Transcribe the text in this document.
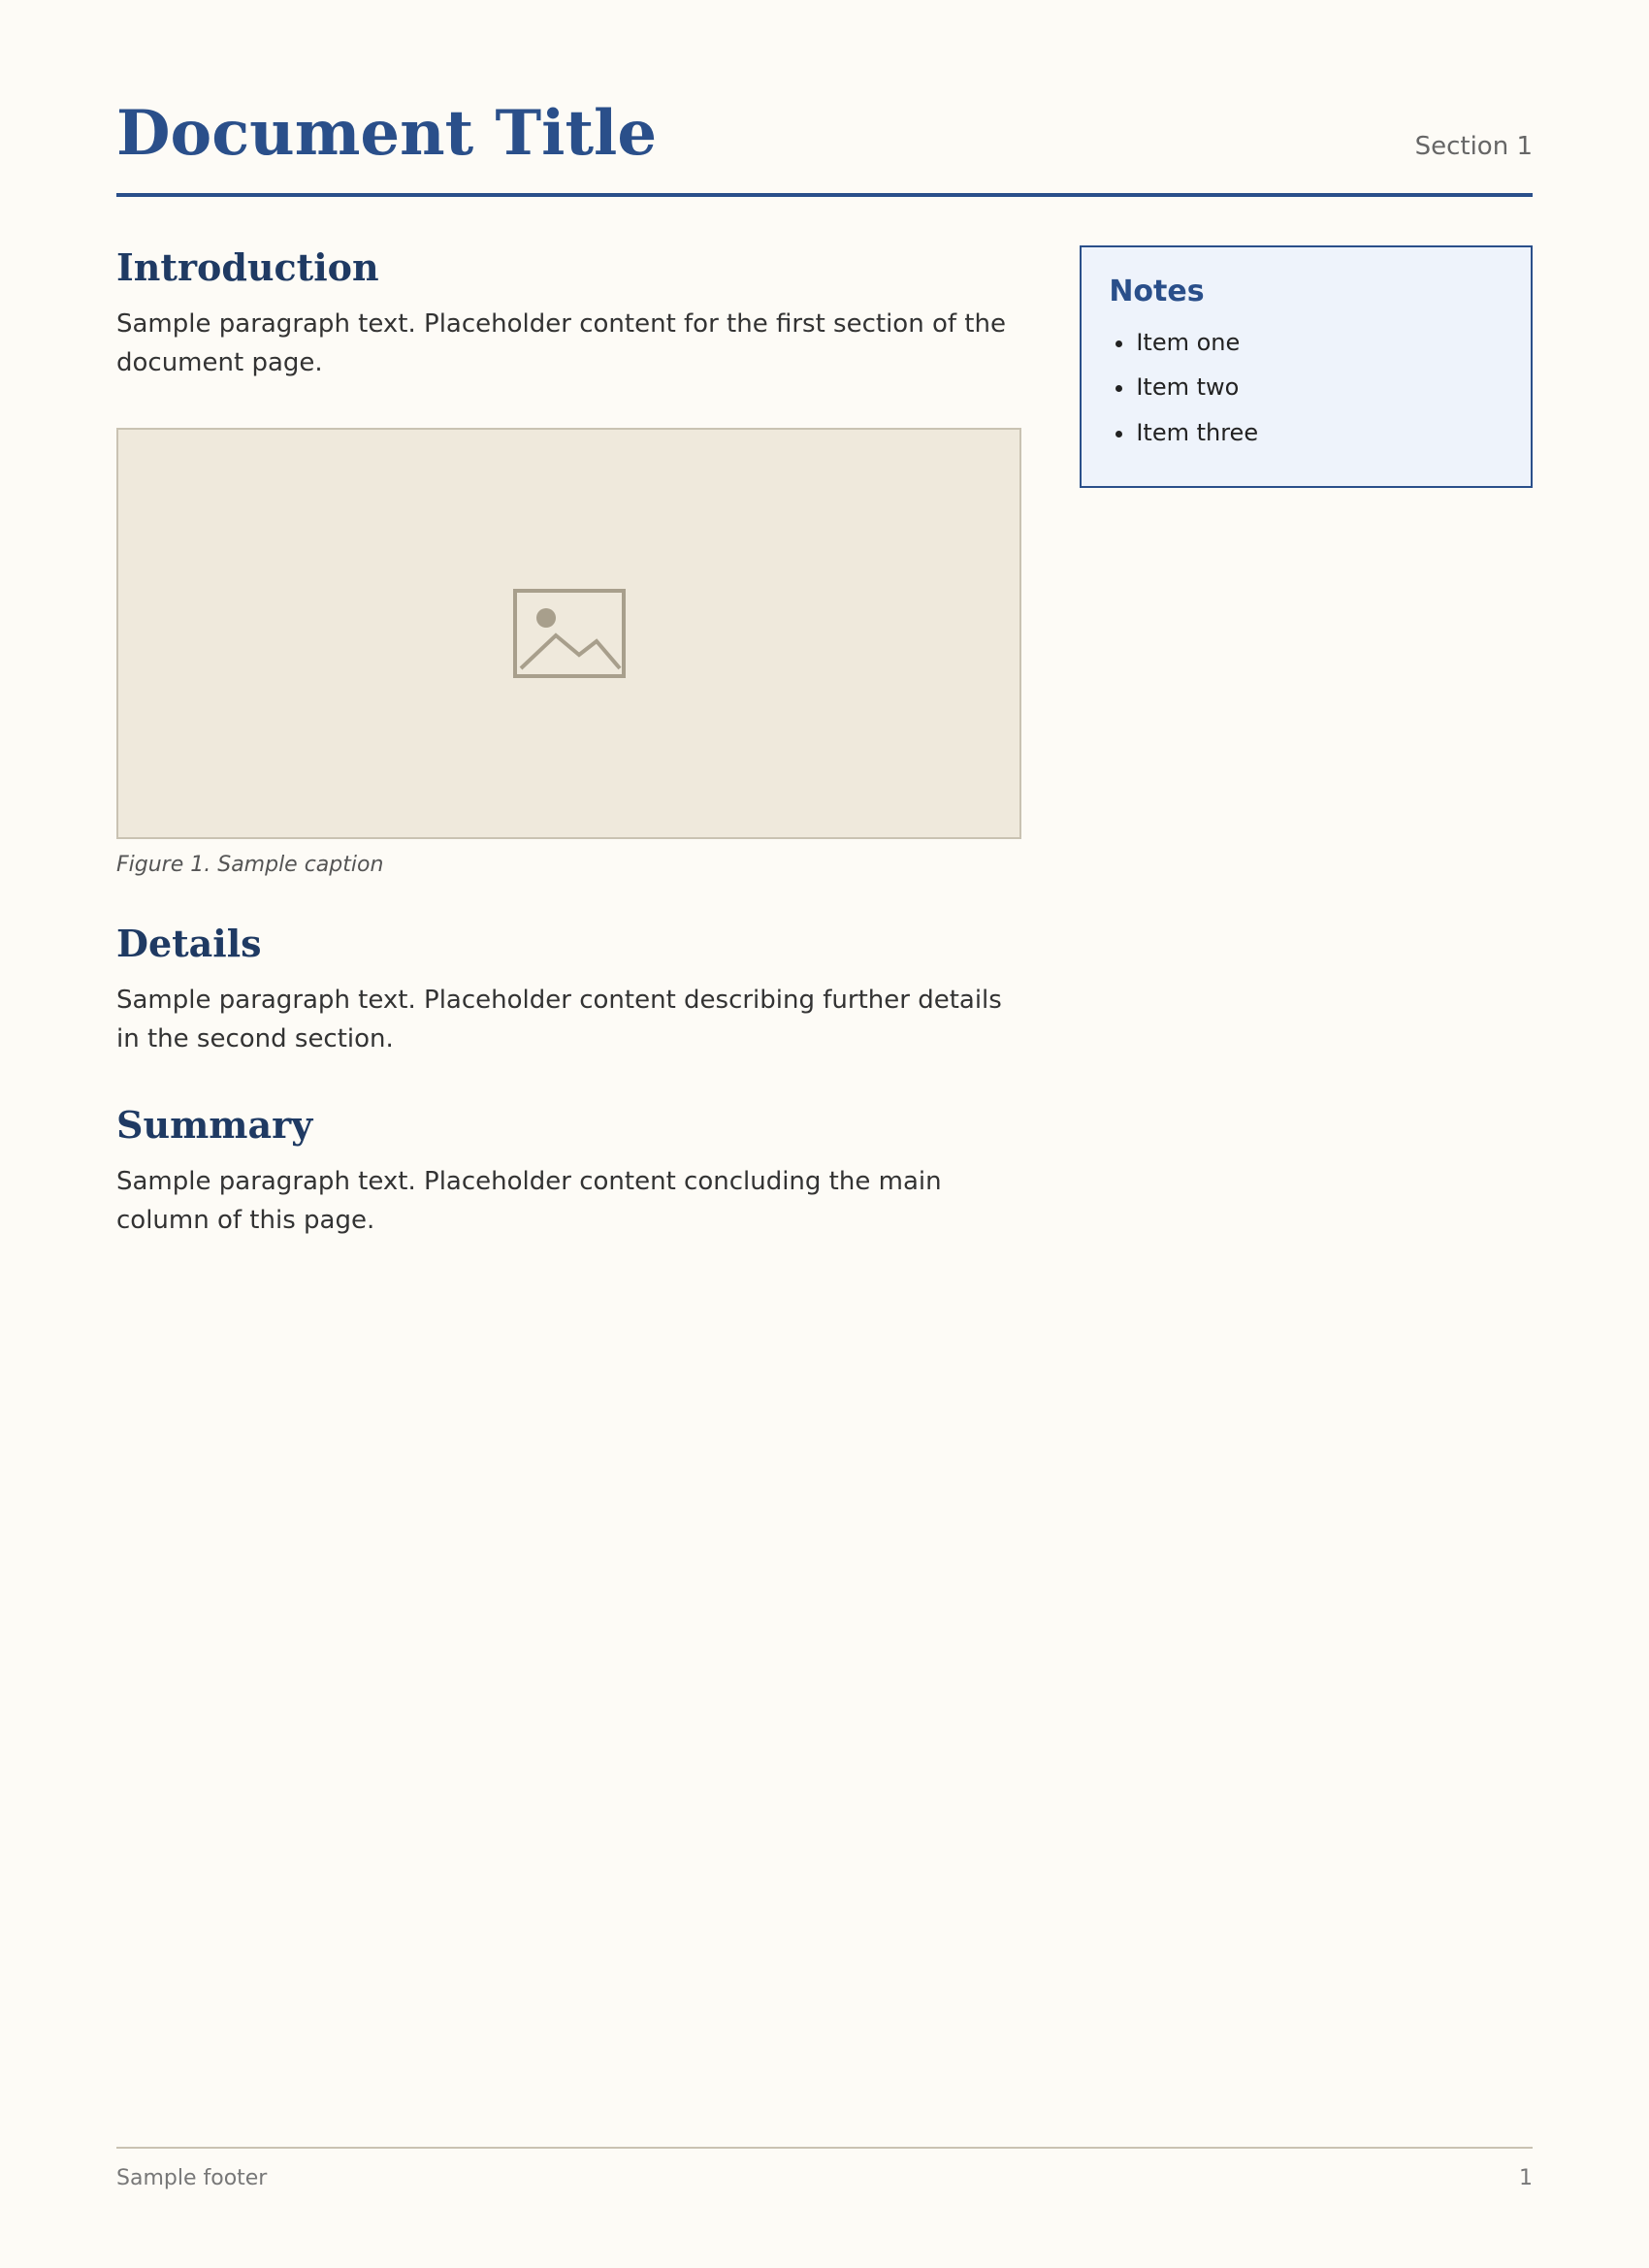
Document Title	Section 1
Introduction

Sample paragraph text. Placeholder content for the first section of the document page.

Figure 1. Sample caption
Details

Sample paragraph text. Placeholder content describing further details in the second section.

Summary

Sample paragraph text. Placeholder content concluding the main column of this page.

Notes
• Item one
• Item two
• Item three
Sample footer	1
